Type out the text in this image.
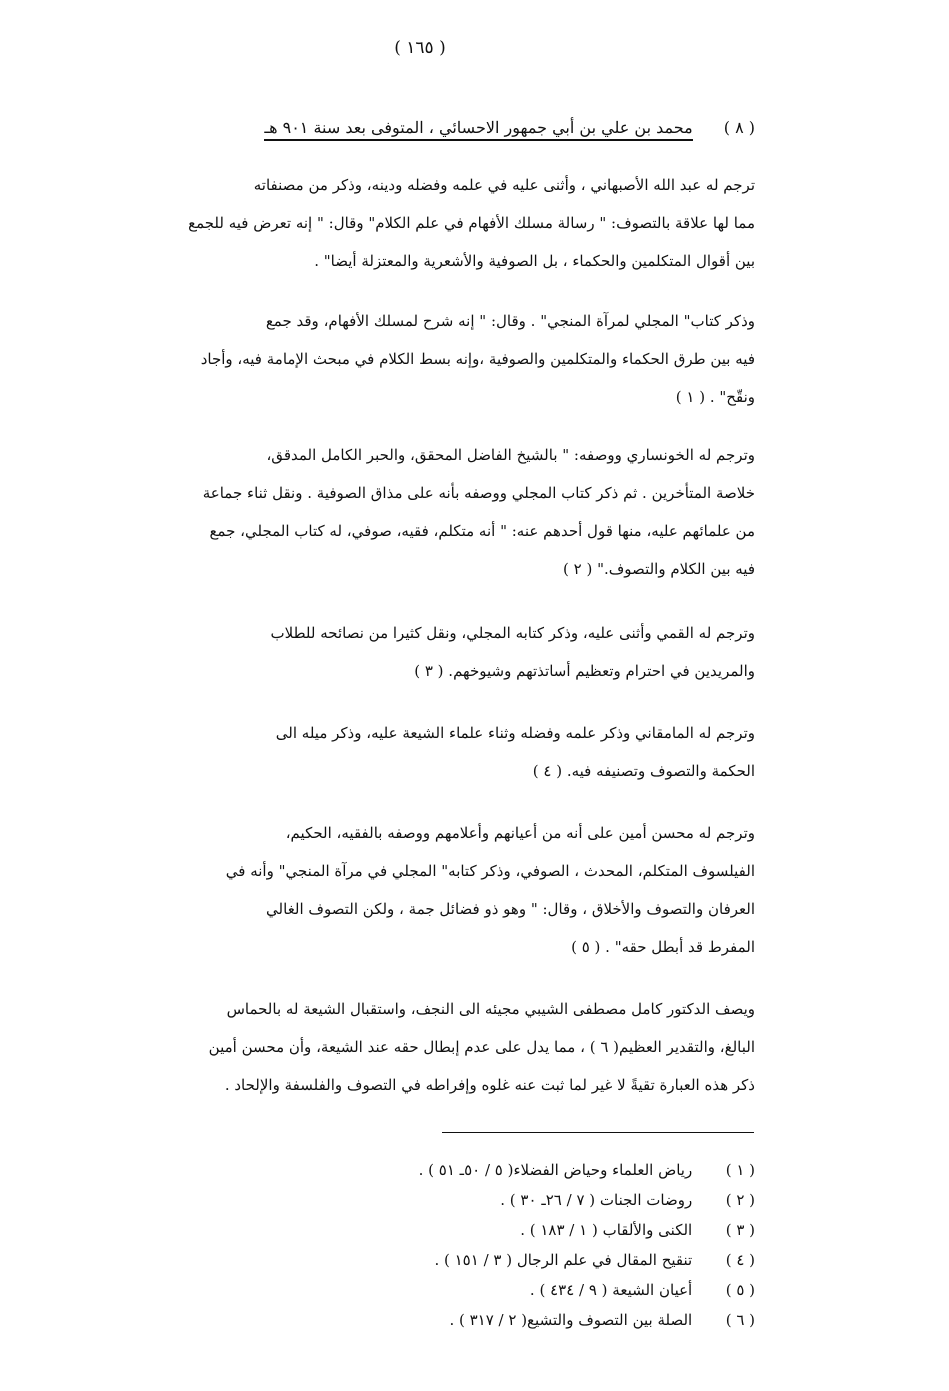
( ١٦٥ )
( ٨ ) محمد بن علي بن أبي جمهور الاحسائي ، المتوفى بعد سنة ٩٠١ هـ
ترجم له عبد الله الأصبهاني ، وأثنى عليه في علمه وفضله ودينه، وذكر من مصنفاته
مما لها علاقة بالتصوف: " رسالة مسلك الأفهام في علم الكلام" وقال: " إنه تعرض فيه للجمع
بين أقوال المتكلمين والحكماء ، بل الصوفية والأشعرية والمعتزلة أيضا" .
وذكر كتاب" المجلي لمرآة المنجي" . وقال: " إنه شرح لمسلك الأفهام، وقد جمع
فيه بين طرق الحكماء والمتكلمين والصوفية ،وإنه بسط الكلام في مبحث الإمامة فيه، وأجاد
ونقّح" . ( ١ )
وترجم له الخونساري ووصفه: " بالشيخ الفاضل المحقق، والحبر الكامل المدقق،
خلاصة المتأخرين . ثم ذكر كتاب المجلي ووصفه بأنه على مذاق الصوفية . ونقل ثناء جماعة
من علمائهم عليه، منها قول أحدهم عنه: " أنه متكلم، فقيه، صوفي، له كتاب المجلي، جمع
فيه بين الكلام والتصوف." ( ٢ )
وترجم له القمي وأثنى عليه، وذكر كتابه المجلي، ونقل كثيرا من نصائحه للطلاب
والمريدين في احترام وتعظيم أساتذتهم وشيوخهم. ( ٣ )
وترجم له المامقاني وذكر علمه وفضله وثناء علماء الشيعة عليه، وذكر ميله الى
الحكمة والتصوف وتصنيفه فيه. ( ٤ )
وترجم له محسن أمين على أنه من أعيانهم وأعلامهم ووصفه بالفقيه، الحكيم،
الفيلسوف المتكلم، المحدث ، الصوفي، وذكر كتابه" المجلي في مرآة المنجي" وأنه في
العرفان والتصوف والأخلاق ، وقال: " وهو ذو فضائل جمة ، ولكن التصوف الغالي
المفرط قد أبطل حقه" . ( ٥ )
ويصف الدكتور كامل مصطفى الشيبي مجيئه الى النجف، واستقبال الشيعة له بالحماس
البالغ، والتقدير العظيم( ٦ ) ، مما يدل على عدم إبطال حقه عند الشيعة، وأن محسن أمين
ذكر هذه العبارة تقيةً لا غير لما ثبت عنه غلوه وإفراطه في التصوف والفلسفة والإلحاد .
( ١ ) رياض العلماء وحياض الفضلاء( ٥ / ٥٠ـ ٥١ ) .
( ٢ ) روضات الجنات ( ٧ / ٢٦ـ ٣٠ ) .
( ٣ ) الكنى والألقاب ( ١ / ١٨٣ ) .
( ٤ ) تنقيح المقال في علم الرجال ( ٣ / ١٥١ ) .
( ٥ ) أعيان الشيعة ( ٩ / ٤٣٤ ) .
( ٦ ) الصلة بين التصوف والتشيع( ٢ / ٣١٧ ) .
